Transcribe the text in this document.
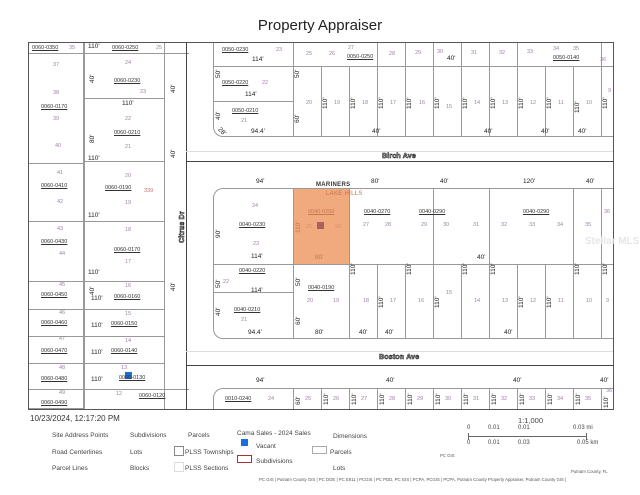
Property Appraiser
0060-0350 35
37
38
0060-0170
39
40
41
0060-0410
42
43
0060-0430
44
45
0060-0450
46
0060-0460
47
0060-0470
48
0060-0480
49
0060-0490
110' 0060-0250	25
24
40'	0060-0230
23
110'
22
80'
0060-0210
21
110'
20
0060-0190 339
19
110'
18
0060-0170
17
110'
40'
16
110' 0060-0160
15
110' 0060-0150
14
110' 0060-0140
13
110'	0060-0130
12	0060-0120
40'
40'
40'
Citrus Dr
Birch Ave
Boston Ave
0050-0230	23
114'
25	26
27
0050-0250	28	29	30
40'
31	32	33	34	35
0050-0140	36
50'
0050-0220 22
114'
40'
0050-0210
21
28'	94.4'
50'
20
60'
110' 19 110' 18 110' 17
40'
110' 16 110' 15 110' 14 110' 13
40'
110' 12 110' 11
40'
110' 10
40'
110'
9
94'	80'	40'	120'	40'
MARINERS
LAKE HILLS
24
90'
0040-0230
23
114'
110'
0040-0250
25	26
80'
0040-0270
27	28
0040-0290
29	30	31
40'
0040-0290
32	33	34	35
36
50' 22
0040-0220
114'
40' 0040-0210
21
94.4'
50'
0040-0190
20	19
60'
80'
110'
18
40'
110' 17
40'
110'
16 110'
15
110'
14
110'
13
40'
110' 12 110' 11
110'
10
110'
9
94'	40'	40'	40'
0010-0240	24	60' 25 110' 26 110' 27 110' 28 110' 29 110' 30 110' 31 110' 32 110' 33 110' 34 110' 35 110'
36
Stellar MLS
10/23/2024, 12:17:20 PM
Site Address Points
Road Centerlines
Parcel Lines
Subdivisions
Lots
Blocks
Parcels
PLSS Townships
PLSS Sections
Cama Sales - 2024 Sales
Vacant
Subdivisions
Dimensions
Parcels
Lots
1:1,000
0	0.01	0.01	0.03 mi
0	0.01	0.03	0.05 km
PC GIS
Putnam County, FL
PC GIS | Putnam County GIS | PC DOE | PC E911 | PCGIS | PC PDD, PC GIS | PCPA, PCGIS | PCPA, Putnam County Property Appraiser, Putnam County GIS |
